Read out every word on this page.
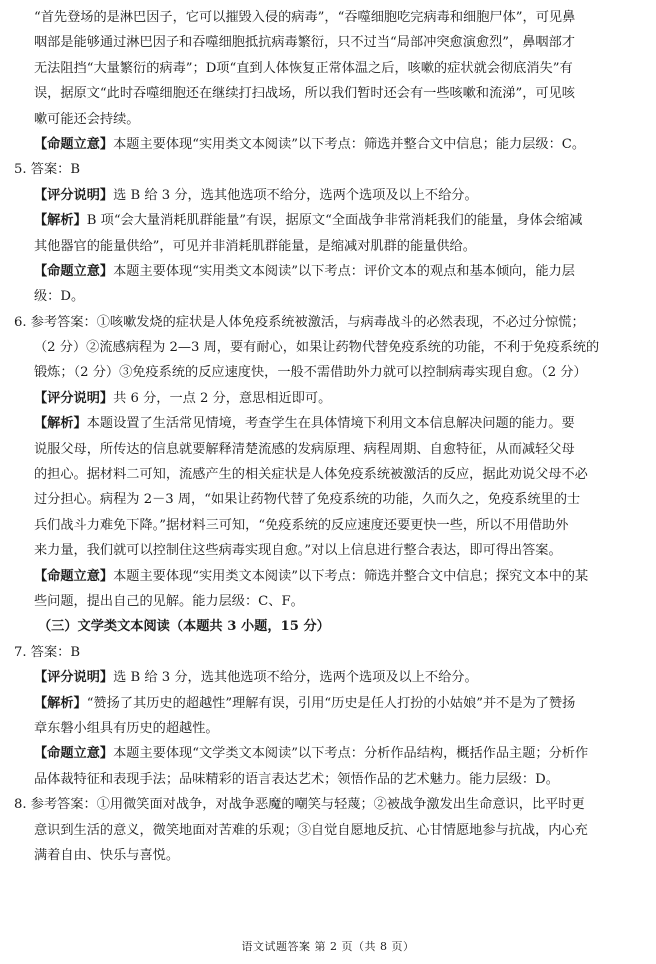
“首先登场的是淋巴因子，它可以摧毁入侵的病毒”，“吞噬细胞吃完病毒和细胞尸体”，可见鼻
咽部是能够通过淋巴因子和吞噬细胞抵抗病毒繁衍，只不过当“局部冲突愈演愈烈”，鼻咽部才
无法阻挡“大量繁衍的病毒”；D项“直到人体恢复正常体温之后，咳嗽的症状就会彻底消失”有
误，据原文“此时吞噬细胞还在继续打扫战场，所以我们暂时还会有一些咳嗽和流涕”，可见咳
嗽可能还会持续。
【命题立意】本题主要体现“实用类文本阅读”以下考点：筛选并整合文中信息；能力层级：C。
5. 答案：B
【评分说明】选 B 给 3 分，选其他选项不给分，选两个选项及以上不给分。
【解析】B 项“会大量消耗肌群能量”有误，据原文“全面战争非常消耗我们的能量，身体会缩减
其他器官的能量供给”，可见并非消耗肌群能量，是缩减对肌群的能量供给。
【命题立意】本题主要体现“实用类文本阅读”以下考点：评价文本的观点和基本倾向，能力层
级：D。
6. 参考答案：①咳嗽发烧的症状是人体免疫系统被激活，与病毒战斗的必然表现，不必过分惊慌；
（2 分）②流感病程为 2—3 周，要有耐心，如果让药物代替免疫系统的功能，不利于免疫系统的
锻炼；（2 分）③免疫系统的反应速度快，一般不需借助外力就可以控制病毒实现自愈。（2 分）
【评分说明】共 6 分，一点 2 分，意思相近即可。
【解析】本题设置了生活常见情境，考查学生在具体情境下利用文本信息解决问题的能力。要
说服父母，所传达的信息就要解释清楚流感的发病原理、病程周期、自愈特征，从而减轻父母
的担心。据材料二可知，流感产生的相关症状是人体免疫系统被激活的反应，据此劝说父母不必
过分担心。病程为 2－3 周，“如果让药物代替了免疫系统的功能，久而久之，免疫系统里的士
兵们战斗力难免下降。”据材料三可知，“免疫系统的反应速度还要更快一些，所以不用借助外
来力量，我们就可以控制住这些病毒实现自愈。”对以上信息进行整合表达，即可得出答案。
【命题立意】本题主要体现“实用类文本阅读”以下考点：筛选并整合文中信息；探究文本中的某
些问题，提出自己的见解。能力层级：C、F。
（三）文学类文本阅读（本题共 3 小题，15 分）
7. 答案：B
【评分说明】选 B 给 3 分，选其他选项不给分，选两个选项及以上不给分。
【解析】“赞扬了其历史的超越性”理解有误，引用“历史是任人打扮的小姑娘”并不是为了赞扬
章东磐小组具有历史的超越性。
【命题立意】本题主要体现“文学类文本阅读”以下考点：分析作品结构，概括作品主题；分析作
品体裁特征和表现手法；品味精彩的语言表达艺术；领悟作品的艺术魅力。能力层级：D。
8. 参考答案：①用微笑面对战争，对战争恶魔的嘲笑与轻蔑；②被战争激发出生命意识，比平时更
意识到生活的意义，微笑地面对苦难的乐观；③自觉自愿地反抗、心甘情愿地参与抗战，内心充
满着自由、快乐与喜悦。
语文试题答案 第 2 页（共 8 页）
